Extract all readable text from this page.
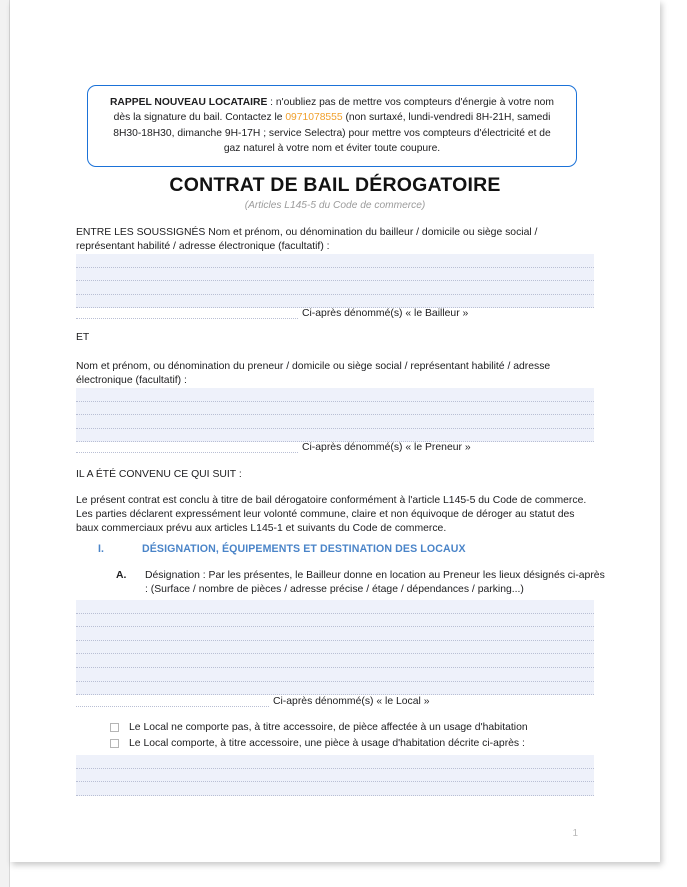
RAPPEL NOUVEAU LOCATAIRE : n'oubliez pas de mettre vos compteurs d'énergie à votre nom dès la signature du bail. Contactez le 0971078555 (non surtaxé, lundi-vendredi 8H-21H, samedi 8H30-18H30, dimanche 9H-17H ; service Selectra) pour mettre vos compteurs d'électricité et de gaz naturel à votre nom et éviter toute coupure.
CONTRAT DE BAIL DÉROGATOIRE
(Articles L145-5 du Code de commerce)
ENTRE LES SOUSSIGNÉS Nom et prénom, ou dénomination du bailleur / domicile ou siège social / représentant habilité / adresse électronique (facultatif) :
Ci-après dénommé(s) « le Bailleur »
ET
Nom et prénom, ou dénomination du preneur / domicile ou siège social / représentant habilité / adresse électronique (facultatif) :
Ci-après dénommé(s) « le Preneur »
IL A ÉTÉ CONVENU CE QUI SUIT :
Le présent contrat est conclu à titre de bail dérogatoire conformément à l'article L145-5 du Code de commerce. Les parties déclarent expressément leur volonté commune, claire et non équivoque de déroger au statut des baux commerciaux prévu aux articles L145-1 et suivants du Code de commerce.
I.	DÉSIGNATION, ÉQUIPEMENTS ET DESTINATION DES LOCAUX
A. Désignation : Par les présentes, le Bailleur donne en location au Preneur les lieux désignés ci-après : (Surface / nombre de pièces / adresse précise / étage / dépendances / parking...)
Ci-après dénommé(s) « le Local »
Le Local ne comporte pas, à titre accessoire, de pièce affectée à un usage d'habitation
Le Local comporte, à titre accessoire, une pièce à usage d'habitation décrite ci-après :
1
